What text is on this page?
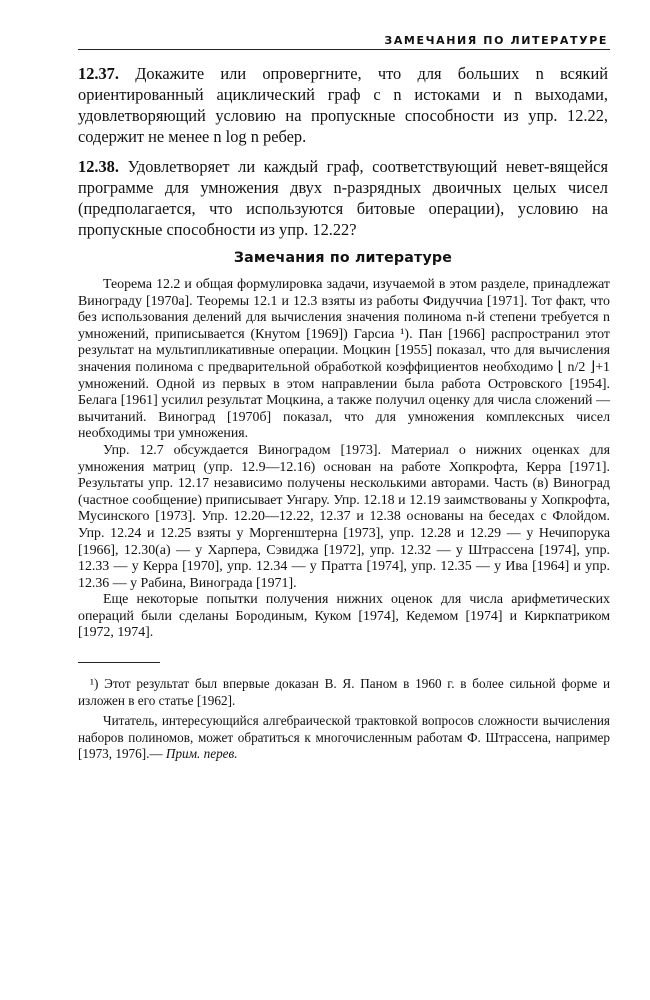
ЗАМЕЧАНИЯ ПО ЛИТЕРАТУРЕ

12.37. Докажите или опровергните, что для больших n всякий ориентированный ациклический граф с n истоками и n выходами, удовлетворяющий условию на пропускные способности из упр. 12.22, содержит не менее n log n ребер.

12.38. Удовлетворяет ли каждый граф, соответствующий невет-вящейся программе для умножения двух n-разрядных двоичных целых чисел (предполагается, что используются битовые операции), условию на пропускные способности из упр. 12.22?

Замечания по литературе

Теорема 12.2 и общая формулировка задачи, изучаемой в этом разделе, принадлежат Винограду [1970а]. Теоремы 12.1 и 12.3 взяты из работы Фидуччиа [1971]. Тот факт, что без использования делений для вычисления значения полинома n-й степени требуется n умножений, приписывается (Кнутом [1969]) Гарсиа ¹). Пан [1966] распространил этот результат на мультипликативные операции. Моцкин [1955] показал, что для вычисления значения полинома с предварительной обработкой коэффициентов необходимо ⌊ n/2 ⌋+1 умножений. Одной из первых в этом направлении была работа Островского [1954]. Белага [1961] усилил результат Моцкина, а также получил оценку для числа сложений — вычитаний. Виноград [1970б] показал, что для умножения комплексных чисел необходимы три умножения.

Упр. 12.7 обсуждается Виноградом [1973]. Материал о нижних оценках для умножения матриц (упр. 12.9—12.16) основан на работе Хопкрофта, Керра [1971]. Результаты упр. 12.17 независимо получены несколькими авторами. Часть (в) Виноград (частное сообщение) приписывает Унгару. Упр. 12.18 и 12.19 заимствованы у Хопкрофта, Мусинского [1973]. Упр. 12.20—12.22, 12.37 и 12.38 основаны на беседах с Флойдом. Упр. 12.24 и 12.25 взяты у Моргенштерна [1973], упр. 12.28 и 12.29 — у Нечипорука [1966], 12.30(а) — у Харпера, Сэвиджа [1972], упр. 12.32 — у Штрассена [1974], упр. 12.33 — у Керра [1970], упр. 12.34 — у Пратта [1974], упр. 12.35 — у Ива [1964] и упр. 12.36 — у Рабина, Винограда [1971].

Еще некоторые попытки получения нижних оценок для числа арифметических операций были сделаны Бородиным, Куком [1974], Кедемом [1974] и Киркпатриком [1972, 1974].

¹) Этот результат был впервые доказан В. Я. Паном в 1960 г. в более сильной форме и изложен в его статье [1962].

Читатель, интересующийся алгебраической трактовкой вопросов сложности вычисления наборов полиномов, может обратиться к многочисленным работам Ф. Штрассена, например [1973, 1976].— Прим. перев.
